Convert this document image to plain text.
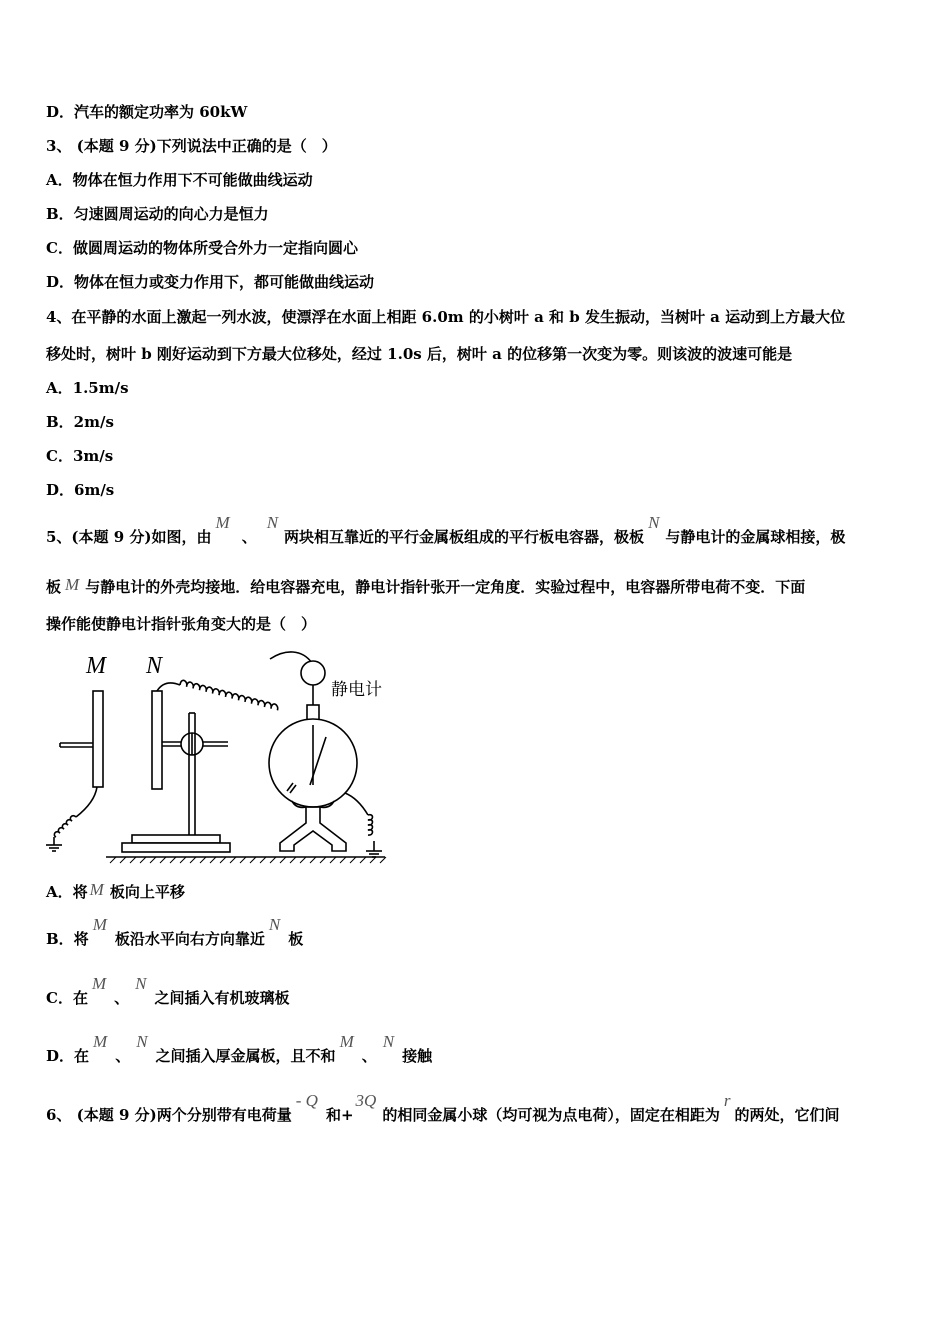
D．汽车的额定功率为 60kW
3、 (本题 9 分)下列说法中正确的是（　）
A．物体在恒力作用下不可能做曲线运动
B．匀速圆周运动的向心力是恒力
C．做圆周运动的物体所受合外力一定指向圆心
D．物体在恒力或变力作用下，都可能做曲线运动
4、在平静的水面上激起一列水波，使漂浮在水面上相距 6.0m 的小树叶 a 和 b 发生振动，当树叶 a 运动到上方最大位
移处时，树叶 b 刚好运动到下方最大位移处，经过 1.0s 后，树叶 a 的位移第一次变为零。则该波的波速可能是
A．1.5m/s
B．2m/s
C．3m/s
D．6m/s
5、(本题 9 分)如图，由M、N两块相互靠近的平行金属板组成的平行板电容器，极板N与静电计的金属球相接，极
板 M 与静电计的外壳均接地．给电容器充电，静电计指针张开一定角度．实验过程中，电容器所带电荷不变．下面
操作能使静电计指针张角变大的是（　）
M N
静电计
A．将 M 板向上平移
B．将M板沿水平向右方向靠近N板
C．在M、N之间插入有机玻璃板
D．在M、N之间插入厚金属板，且不和M、N接触
6、 (本题 9 分)两个分别带有电荷量- Q和+3Q的相同金属小球（均可视为点电荷），固定在相距为r的两处，它们间
